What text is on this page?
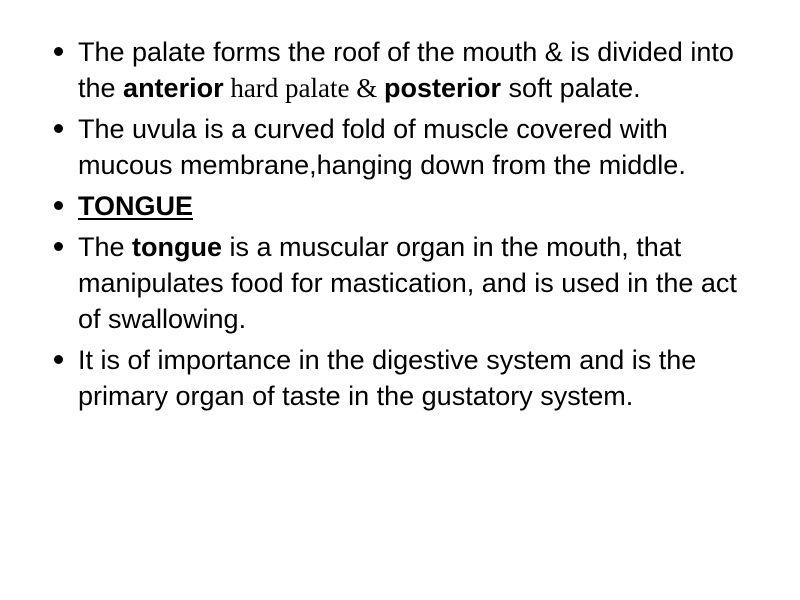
The palate forms the roof of the mouth & is divided into the anterior hard palate & posterior soft palate.
The uvula is a curved fold of muscle covered with mucous membrane,hanging down from the middle.
TONGUE
The tongue is a muscular organ in the mouth, that manipulates food for mastication, and is used in the act of swallowing.
It is of importance in the digestive system and is the primary organ of taste in the gustatory system.
